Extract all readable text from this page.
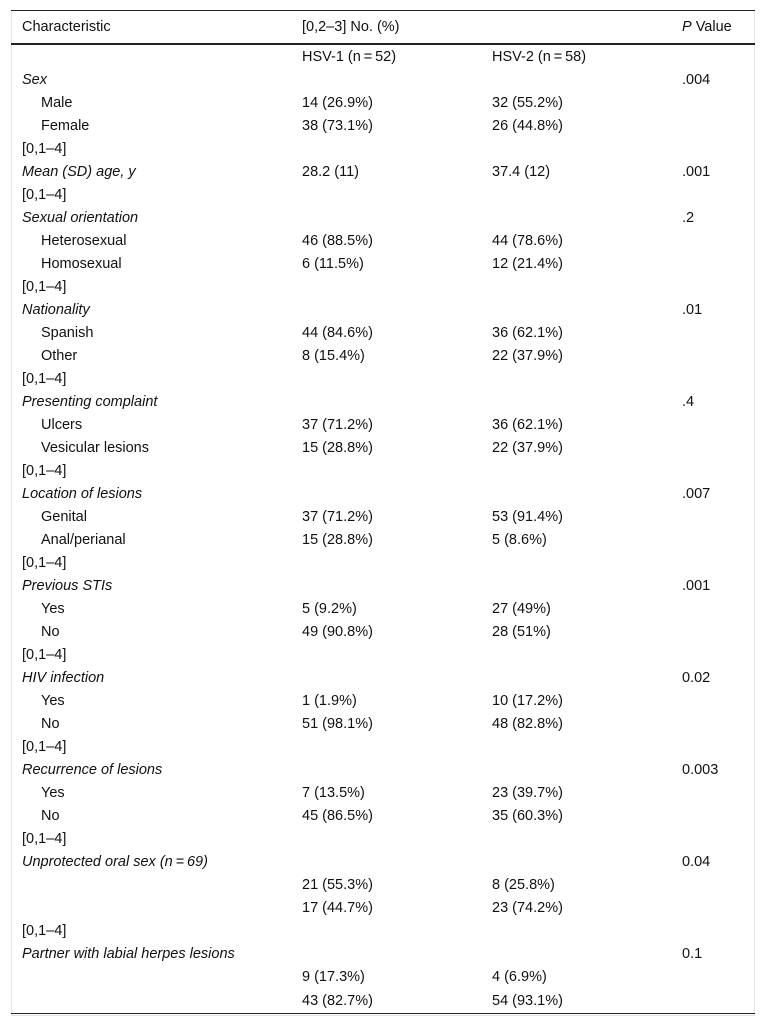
Characteristic	[0,2–3] No. (%)		P Value
	HSV-1 (n = 52)	HSV-2 (n = 58)	
Sex			.004
Male	14 (26.9%)	32 (55.2%)	
Female	38 (73.1%)	26 (44.8%)	
[0,1–4]			
Mean (SD) age, y	28.2 (11)	37.4 (12)	.001
[0,1–4]			
Sexual orientation			.2
Heterosexual	46 (88.5%)	44 (78.6%)	
Homosexual	6 (11.5%)	12 (21.4%)	
[0,1–4]			
Nationality			.01
Spanish	44 (84.6%)	36 (62.1%)	
Other	8 (15.4%)	22 (37.9%)	
[0,1–4]			
Presenting complaint			.4
Ulcers	37 (71.2%)	36 (62.1%)	
Vesicular lesions	15 (28.8%)	22 (37.9%)	
[0,1–4]			
Location of lesions			.007
Genital	37 (71.2%)	53 (91.4%)	
Anal/perianal	15 (28.8%)	5 (8.6%)	
[0,1–4]			
Previous STIs			.001
Yes	5 (9.2%)	27 (49%)	
No	49 (90.8%)	28 (51%)	
[0,1–4]			
HIV infection			0.02
Yes	1 (1.9%)	10 (17.2%)	
No	51 (98.1%)	48 (82.8%)	
[0,1–4]			
Recurrence of lesions			0.003
Yes	7 (13.5%)	23 (39.7%)	
No	45 (86.5%)	35 (60.3%)	
[0,1–4]			
Unprotected oral sex (n = 69)			0.04
	21 (55.3%)	8 (25.8%)	
	17 (44.7%)	23 (74.2%)	
[0,1–4]			
Partner with labial herpes lesions			0.1
	9 (17.3%)	4 (6.9%)	
	43 (82.7%)	54 (93.1%)	
